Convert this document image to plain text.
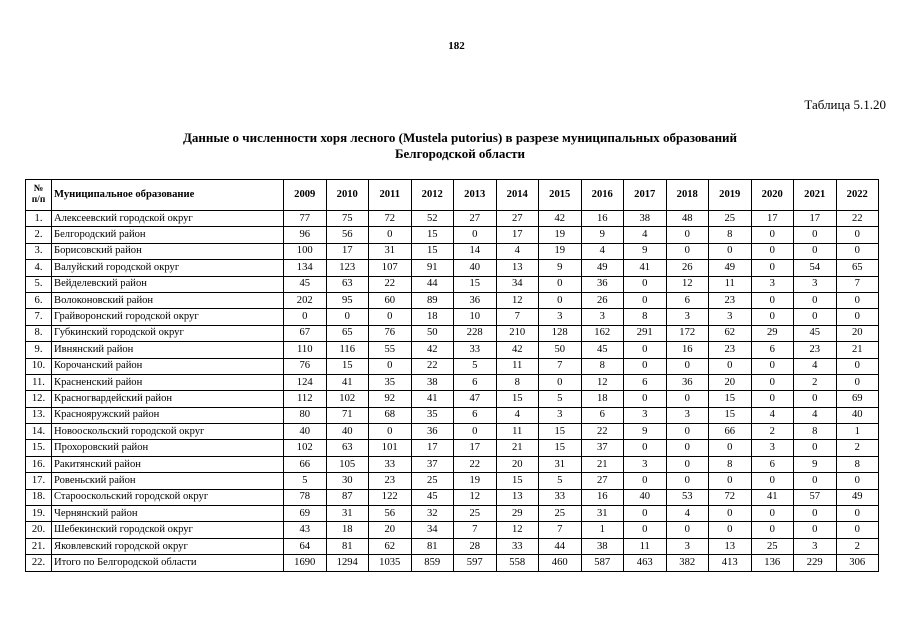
182
Таблица 5.1.20
Данные о численности хоря лесного (Mustela putorius) в разрезе муниципальных образований
Белгородской области
№
п/п	Муниципальное образование	2009	2010	2011	2012	2013	2014	2015	2016	2017	2018	2019	2020	2021	2022
1.	Алексеевский городской округ	77	75	72	52	27	27	42	16	38	48	25	17	17	22
2.	Белгородский район	96	56	0	15	0	17	19	9	4	0	8	0	0	0
3.	Борисовский район	100	17	31	15	14	4	19	4	9	0	0	0	0	0
4.	Валуйский городской округ	134	123	107	91	40	13	9	49	41	26	49	0	54	65
5.	Вейделевский район	45	63	22	44	15	34	0	36	0	12	11	3	3	7
6.	Волоконовский район	202	95	60	89	36	12	0	26	0	6	23	0	0	0
7.	Грайворонский городской округ	0	0	0	18	10	7	3	3	8	3	3	0	0	0
8.	Губкинский городской округ	67	65	76	50	228	210	128	162	291	172	62	29	45	20
9.	Ивнянский район	110	116	55	42	33	42	50	45	0	16	23	6	23	21
10.	Корочанский район	76	15	0	22	5	11	7	8	0	0	0	0	4	0
11.	Красненский район	124	41	35	38	6	8	0	12	6	36	20	0	2	0
12.	Красногвардейский район	112	102	92	41	47	15	5	18	0	0	15	0	0	69
13.	Краснояружский район	80	71	68	35	6	4	3	6	3	3	15	4	4	40
14.	Новооскольский городской округ	40	40	0	36	0	11	15	22	9	0	66	2	8	1
15.	Прохоровский район	102	63	101	17	17	21	15	37	0	0	0	3	0	2
16.	Ракитянский район	66	105	33	37	22	20	31	21	3	0	8	6	9	8
17.	Ровеньский район	5	30	23	25	19	15	5	27	0	0	0	0	0	0
18.	Старооскольский городской округ	78	87	122	45	12	13	33	16	40	53	72	41	57	49
19.	Чернянский район	69	31	56	32	25	29	25	31	0	4	0	0	0	0
20.	Шебекинский городской округ	43	18	20	34	7	12	7	1	0	0	0	0	0	0
21.	Яковлевский городской округ	64	81	62	81	28	33	44	38	11	3	13	25	3	2
22.	Итого по Белгородской области	1690	1294	1035	859	597	558	460	587	463	382	413	136	229	306
